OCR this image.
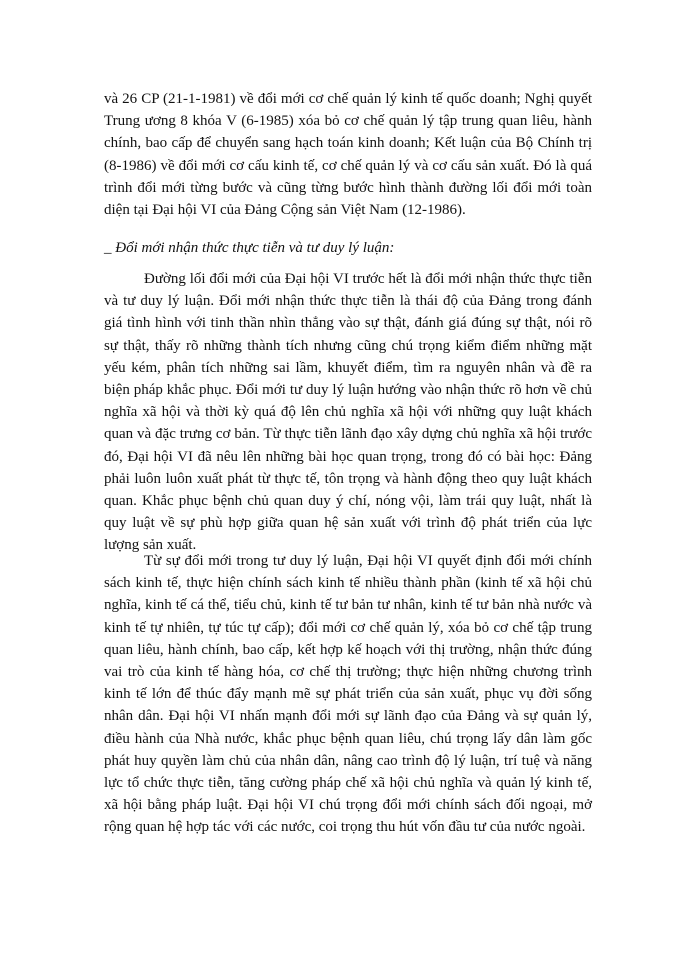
và 26 CP (21-1-1981) về đổi mới cơ chế quản lý kinh tế quốc doanh; Nghị quyết Trung ương 8 khóa V (6-1985) xóa bỏ cơ chế quản lý tập trung quan liêu, hành chính, bao cấp để chuyển sang hạch toán kinh doanh; Kết luận của Bộ Chính trị (8-1986) về đổi mới cơ cấu kinh tế, cơ chế quản lý và cơ cấu sản xuất. Đó là quá trình đổi mới từng bước và cũng từng bước hình thành đường lối đổi mới toàn diện tại Đại hội VI của Đảng Cộng sản Việt Nam (12-1986).

_ Đổi mới nhận thức thực tiễn và tư duy lý luận:

Đường lối đổi mới của Đại hội VI trước hết là đổi mới nhận thức thực tiễn và tư duy lý luận. Đổi mới nhận thức thực tiễn là thái độ của Đảng trong đánh giá tình hình với tinh thần nhìn thẳng vào sự thật, đánh giá đúng sự thật, nói rõ sự thật, thấy rõ những thành tích nhưng cũng chú trọng kiểm điểm những mặt yếu kém, phân tích những sai lầm, khuyết điểm, tìm ra nguyên nhân và đề ra biện pháp khắc phục. Đổi mới tư duy lý luận hướng vào nhận thức rõ hơn về chủ nghĩa xã hội và thời kỳ quá độ lên chủ nghĩa xã hội với những quy luật khách quan và đặc trưng cơ bản. Từ thực tiễn lãnh đạo xây dựng chủ nghĩa xã hội trước đó, Đại hội VI đã nêu lên những bài học quan trọng, trong đó có bài học: Đảng phải luôn luôn xuất phát từ thực tế, tôn trọng và hành động theo quy luật khách quan. Khắc phục bệnh chủ quan duy ý chí, nóng vội, làm trái quy luật, nhất là quy luật về sự phù hợp giữa quan hệ sản xuất với trình độ phát triển của lực lượng sản xuất.

Từ sự đổi mới trong tư duy lý luận, Đại hội VI quyết định đổi mới chính sách kinh tế, thực hiện chính sách kinh tế nhiều thành phần (kinh tế xã hội chủ nghĩa, kinh tế cá thể, tiểu chủ, kinh tế tư bản tư nhân, kinh tế tư bản nhà nước và kinh tế tự nhiên, tự túc tự cấp); đổi mới cơ chế quản lý, xóa bỏ cơ chế tập trung quan liêu, hành chính, bao cấp, kết hợp kế hoạch với thị trường, nhận thức đúng vai trò của kinh tế hàng hóa, cơ chế thị trường; thực hiện những chương trình kinh tế lớn để thúc đẩy mạnh mẽ sự phát triển của sản xuất, phục vụ đời sống nhân dân. Đại hội VI nhấn mạnh đổi mới sự lãnh đạo của Đảng và sự quản lý, điều hành của Nhà nước, khắc phục bệnh quan liêu, chú trọng lấy dân làm gốc phát huy quyền làm chủ của nhân dân, nâng cao trình độ lý luận, trí tuệ và năng lực tổ chức thực tiễn, tăng cường pháp chế xã hội chủ nghĩa và quản lý kinh tế, xã hội bằng pháp luật. Đại hội VI chú trọng đổi mới chính sách đối ngoại, mở rộng quan hệ hợp tác với các nước, coi trọng thu hút vốn đầu tư của nước ngoài.
